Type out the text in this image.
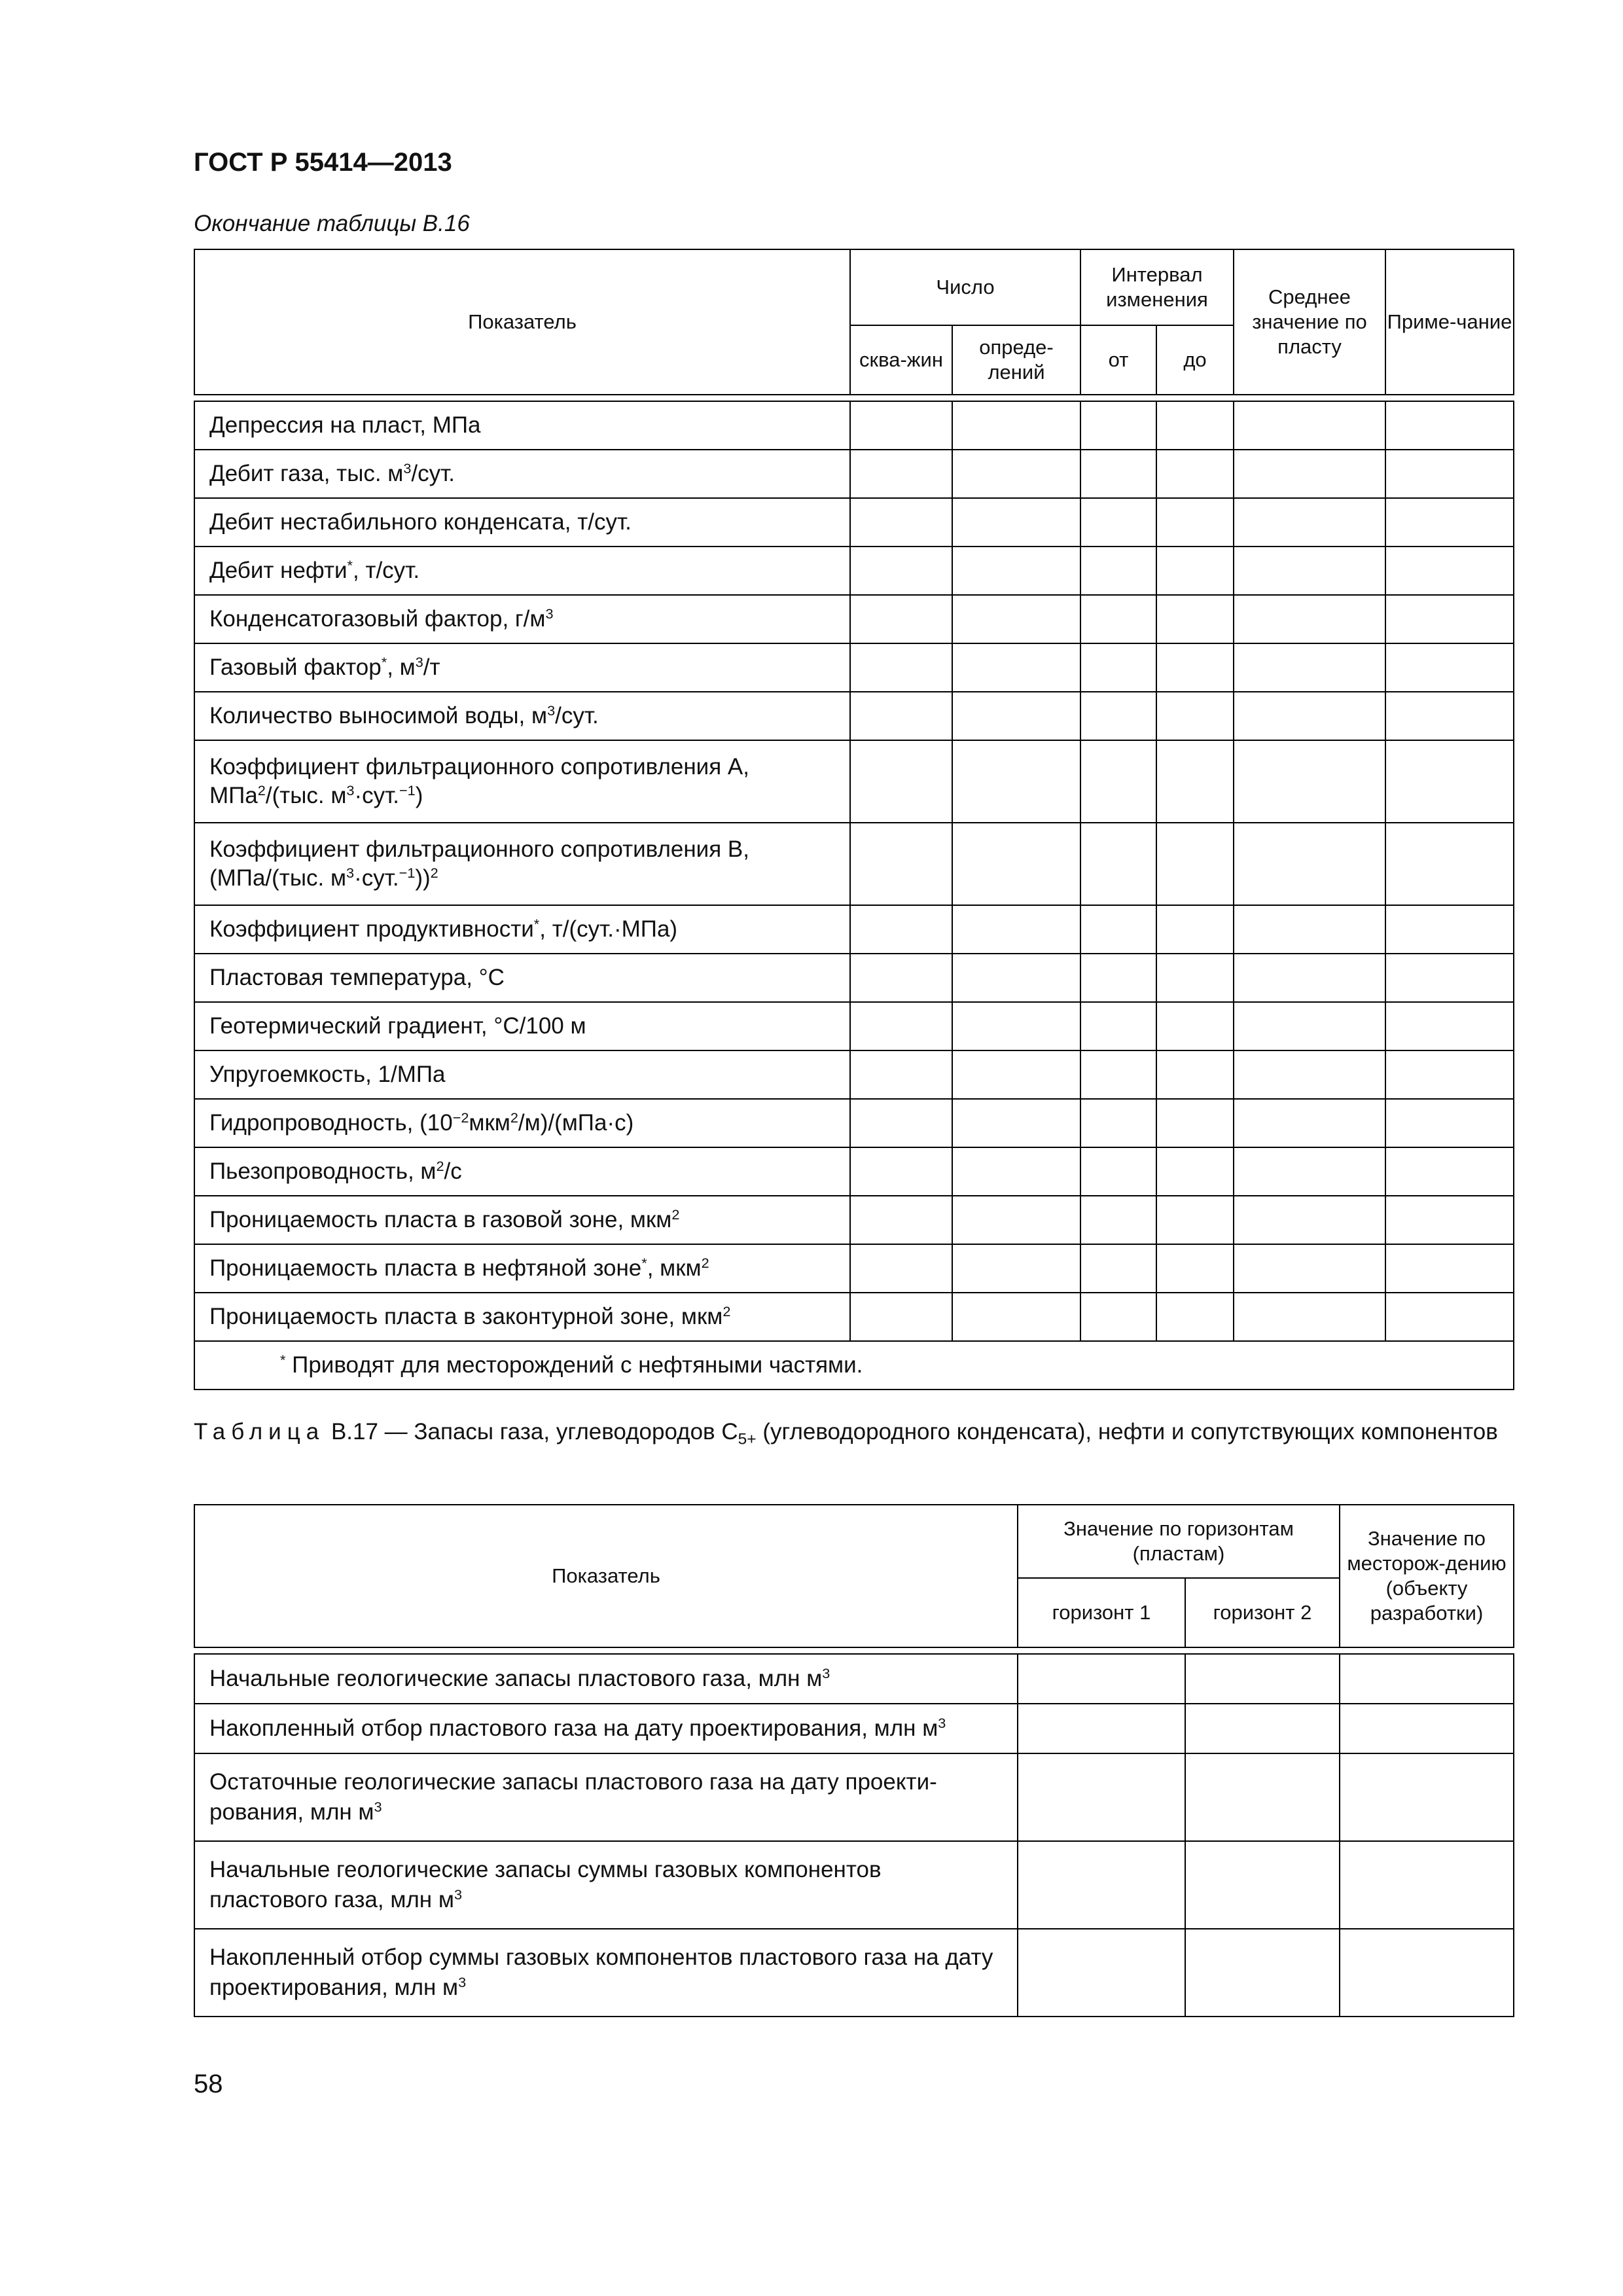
ГОСТ Р 55414—2013
Окончание таблицы В.16
Показатель	Число		Интервал изменения		Среднее значение по пласту	Приме-чание
	сква-жин	опреде-лений	от	до		

Депрессия на пласт, МПа						
Дебит газа, тыс. $м^3$/сут.						
Дебит нестабильного конденсата, т/сут.						
Дебит нефти*, т/сут.						
Конденсатогазовый фактор, $г/м^3$						
Газовый фактор*, $м^3/т$						
Количество выносимой воды, $м^3$/сут.						
Коэффициент фильтрационного сопротивления А, МПа$^2$/(тыс. $м^3\cdot сут.^{-1}$)						
Коэффициент фильтрационного сопротивления В, (МПа/(тыс. $м^3\cdot сут.^{-1}))^2$						
Коэффициент продуктивности*, т/(сут.·МПа)						
Пластовая температура, °С						
Геотермический градиент, °С/100 м						
Упругоемкость, 1/МПа						
Гидропроводность, $(10^{-2}мкм^2/м)/(мПа\cdot с)$						
Пьезопроводность, $м^2/с$						
Проницаемость пласта в газовой зоне, мкм$^2$						
Проницаемость пласта в нефтяной зоне*, мкм$^2$						
Проницаемость пласта в законтурной зоне, мкм$^2$						
* Приводят для месторождений с нефтяными частями.						
Таблица В.17 — Запасы газа, углеводородов $С_{5+}$ (углеводородного конденсата), нефти и сопутствующих компонентов
Показатель	Значение по горизонтам (пластам)		Значение по месторож-дению (объекту разработки)
	горизонт 1	горизонт 2	

Начальные геологические запасы пластового газа, млн $м^3$			
Накопленный отбор пластового газа на дату проектирования, млн $м^3$			
Остаточные геологические запасы пластового газа на дату проекти-рования, млн $м^3$			
Начальные геологические запасы суммы газовых компонентов пластового газа, млн $м^3$			
Накопленный отбор суммы газовых компонентов пластового газа на дату проектирования, млн $м^3$			
58
